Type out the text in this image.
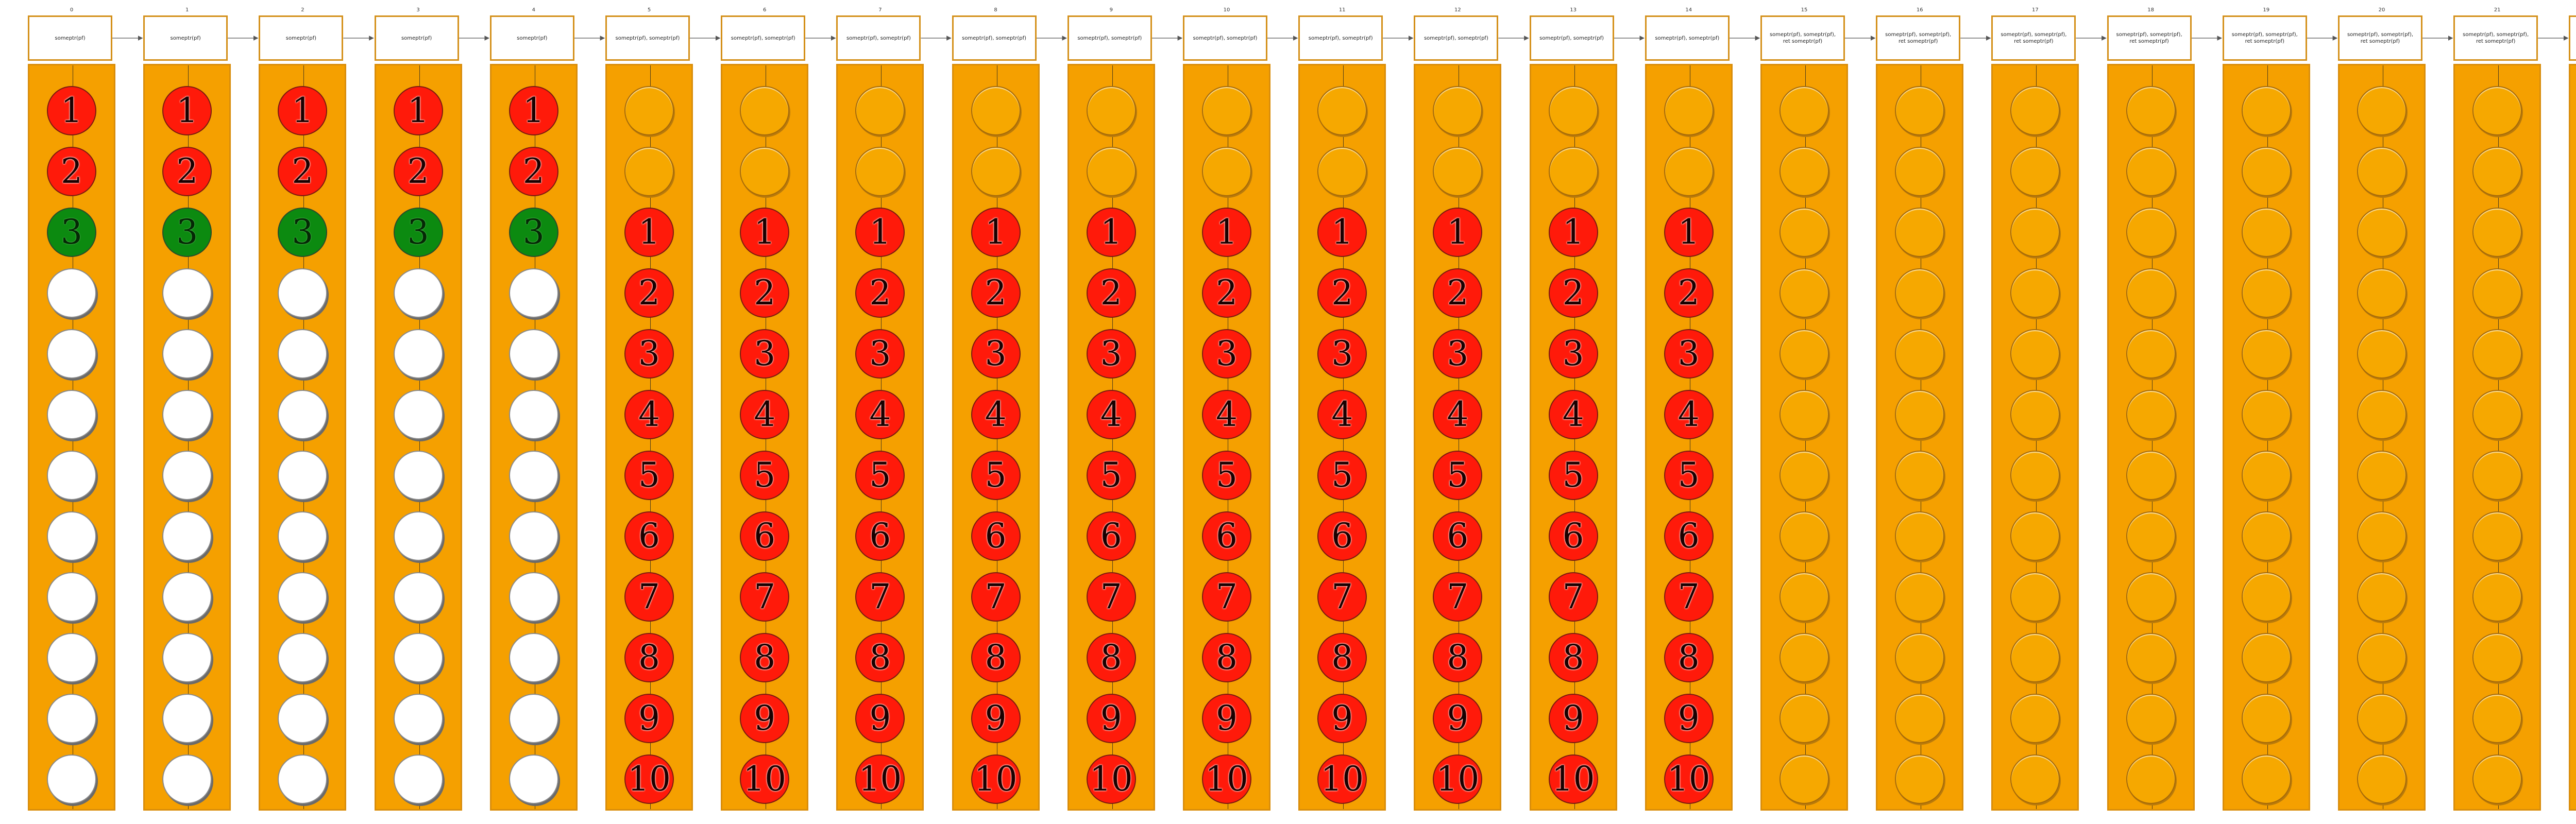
0
someptr(pf)
1
2
3
1
someptr(pf)
1
2
3
2
someptr(pf)
1
2
3
3
someptr(pf)
1
2
3
4
someptr(pf)
1
2
3
5
someptr(pf), someptr(pf)
1
2
3
4
5
6
7
8
9
10
6
someptr(pf), someptr(pf)
1
2
3
4
5
6
7
8
9
10
7
someptr(pf), someptr(pf)
1
2
3
4
5
6
7
8
9
10
8
someptr(pf), someptr(pf)
1
2
3
4
5
6
7
8
9
10
9
someptr(pf), someptr(pf)
1
2
3
4
5
6
7
8
9
10
10
someptr(pf), someptr(pf)
1
2
3
4
5
6
7
8
9
10
11
someptr(pf), someptr(pf)
1
2
3
4
5
6
7
8
9
10
12
someptr(pf), someptr(pf)
1
2
3
4
5
6
7
8
9
10
13
someptr(pf), someptr(pf)
1
2
3
4
5
6
7
8
9
10
14
someptr(pf), someptr(pf)
1
2
3
4
5
6
7
8
9
10
15
someptr(pf), someptr(pf), ret someptr(pf)
16
someptr(pf), someptr(pf), ret someptr(pf)
17
someptr(pf), someptr(pf), ret someptr(pf)
18
someptr(pf), someptr(pf), ret someptr(pf)
19
someptr(pf), someptr(pf), ret someptr(pf)
20
someptr(pf), someptr(pf), ret someptr(pf)
21
someptr(pf), someptr(pf), ret someptr(pf)
